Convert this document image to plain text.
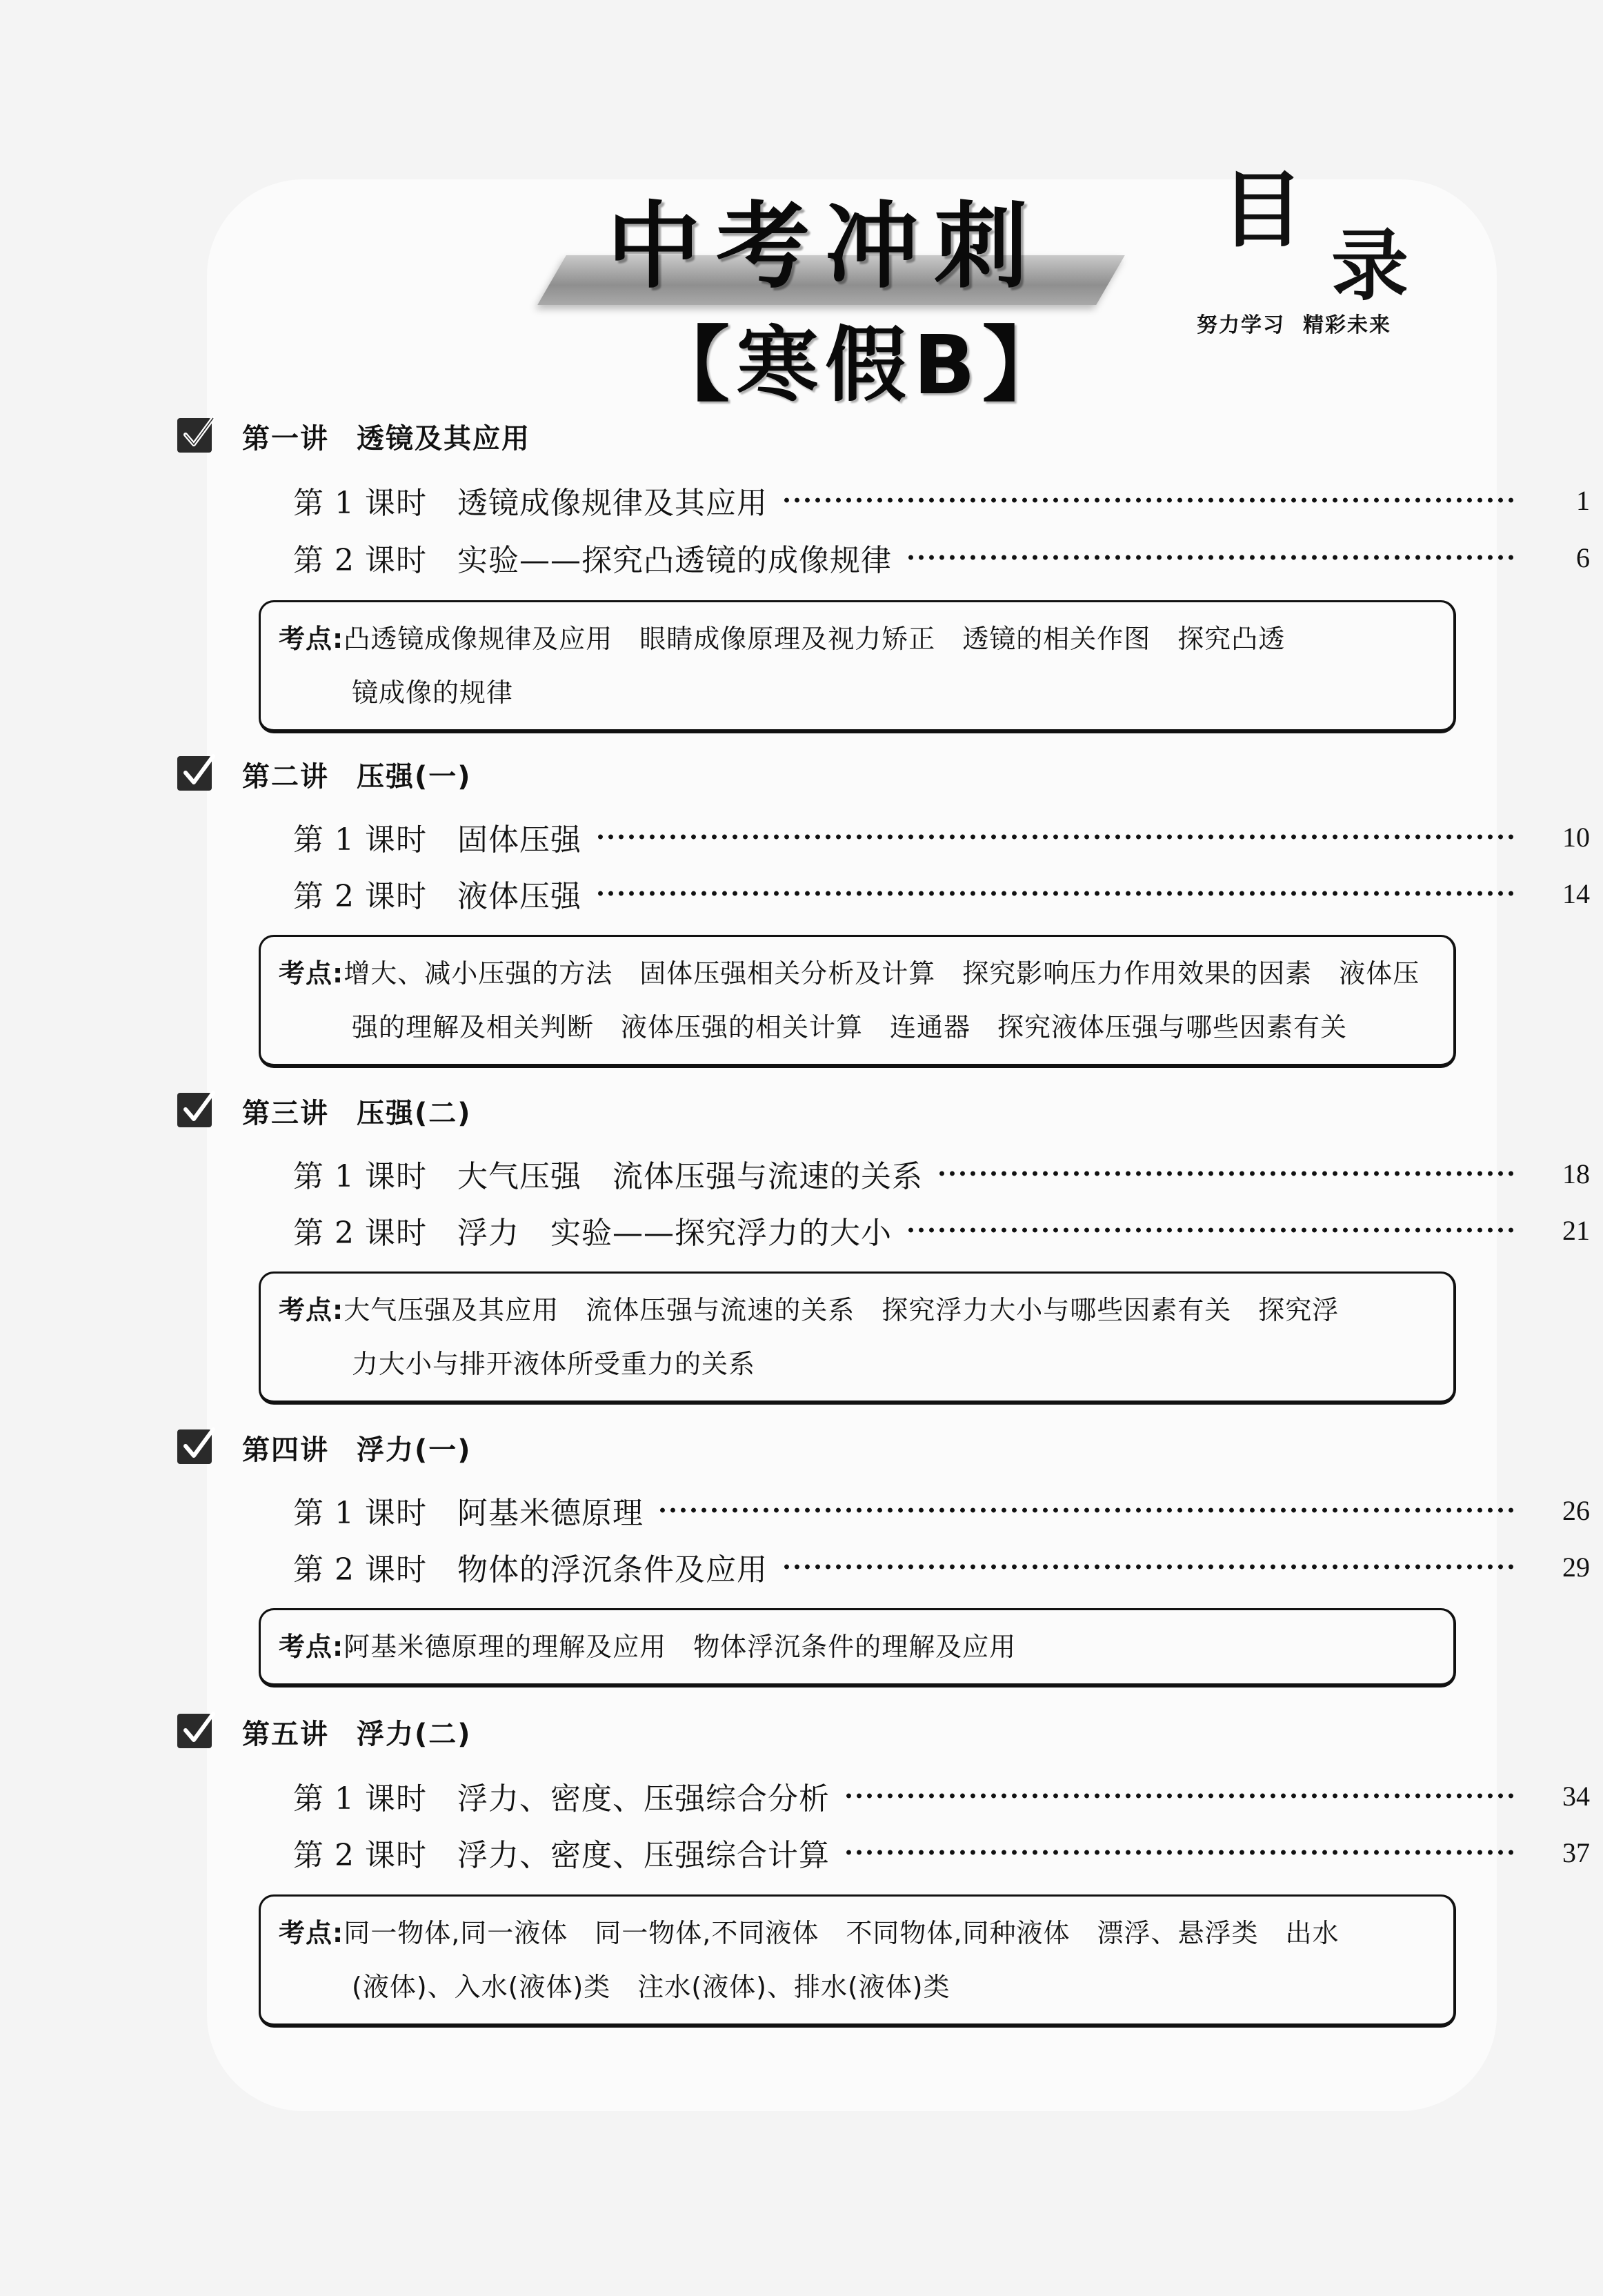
中考冲刺
【寒假B】
目
录
努力学习 精彩未来
第一讲 透镜及其应用
第 1 课时 透镜成像规律及其应用	1
第 2 课时 实验——探究凸透镜的成像规律	6
考点:凸透镜成像规律及应用　眼睛成像原理及视力矫正　透镜的相关作图　探究凸透
镜成像的规律
第二讲 压强(一)
第 1 课时 固体压强	10
第 2 课时 液体压强	14
考点:增大、减小压强的方法　固体压强相关分析及计算　探究影响压力作用效果的因素　液体压
强的理解及相关判断　液体压强的相关计算　连通器　探究液体压强与哪些因素有关
第三讲 压强(二)
第 1 课时 大气压强　流体压强与流速的关系	18
第 2 课时 浮力　实验——探究浮力的大小	21
考点:大气压强及其应用　流体压强与流速的关系　探究浮力大小与哪些因素有关　探究浮
力大小与排开液体所受重力的关系
第四讲 浮力(一)
第 1 课时 阿基米德原理	26
第 2 课时 物体的浮沉条件及应用	29
考点:阿基米德原理的理解及应用　物体浮沉条件的理解及应用
第五讲 浮力(二)
第 1 课时 浮力、密度、压强综合分析	34
第 2 课时 浮力、密度、压强综合计算	37
考点:同一物体,同一液体　同一物体,不同液体　不同物体,同种液体　漂浮、悬浮类　出水
(液体)、入水(液体)类　注水(液体)、排水(液体)类
